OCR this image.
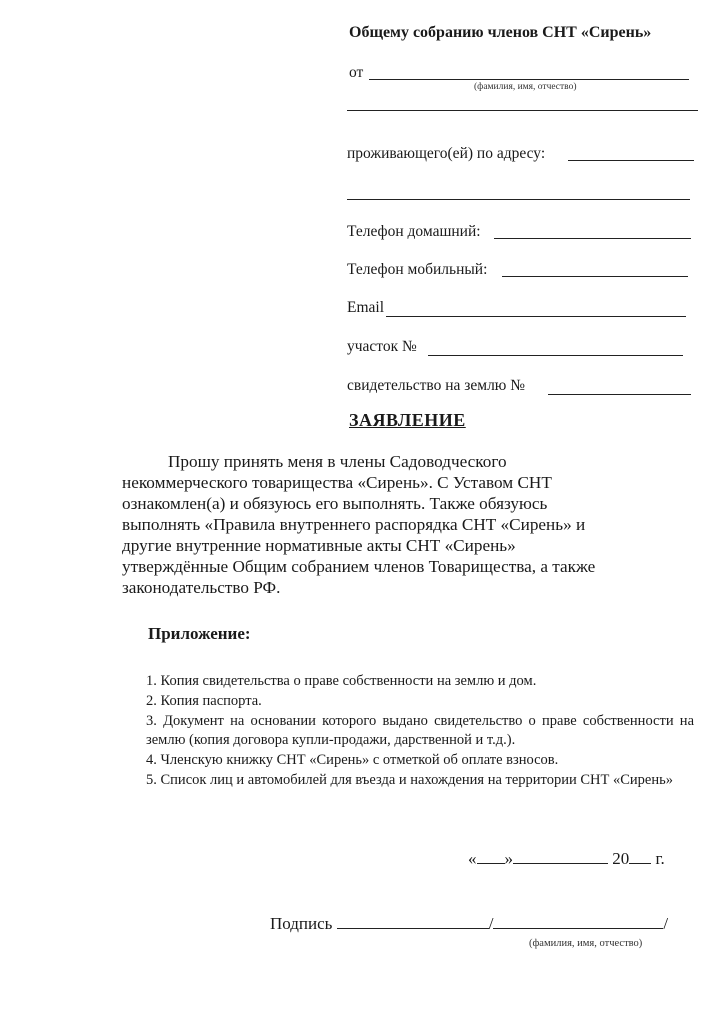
Общему собранию членов СНТ «Сирень»
от
(фамилия, имя, отчество)
проживающего(ей) по адресу:
Телефон домашний:
Телефон мобильный:
Email
участок №
свидетельство на землю №
ЗАЯВЛЕНИЕ
Прошу принять меня в члены Садоводческого
некоммерческого товарищества «Сирень». С Уставом СНТ
ознакомлен(а) и обязуюсь его выполнять. Также обязуюсь
выполнять «Правила внутреннего распорядка СНТ «Сирень» и
другие внутренние нормативные акты СНТ «Сирень»
утверждённые Общим собранием членов Товарищества, а также
законодательство РФ.
Приложение:
1. Копия свидетельства о праве собственности на землю и дом.
2. Копия паспорта.
3. Документ на основании которого выдано свидетельство о праве собственности на землю (копия договора купли-продажи, дарственной и т.д.).
4. Членскую книжку СНТ «Сирень» с отметкой об оплате взносов.
5. Список лиц и автомобилей для въезда и нахождения на территории СНТ «Сирень»
« »	20 г.
Подпись	/	/
(фамилия, имя, отчество)
